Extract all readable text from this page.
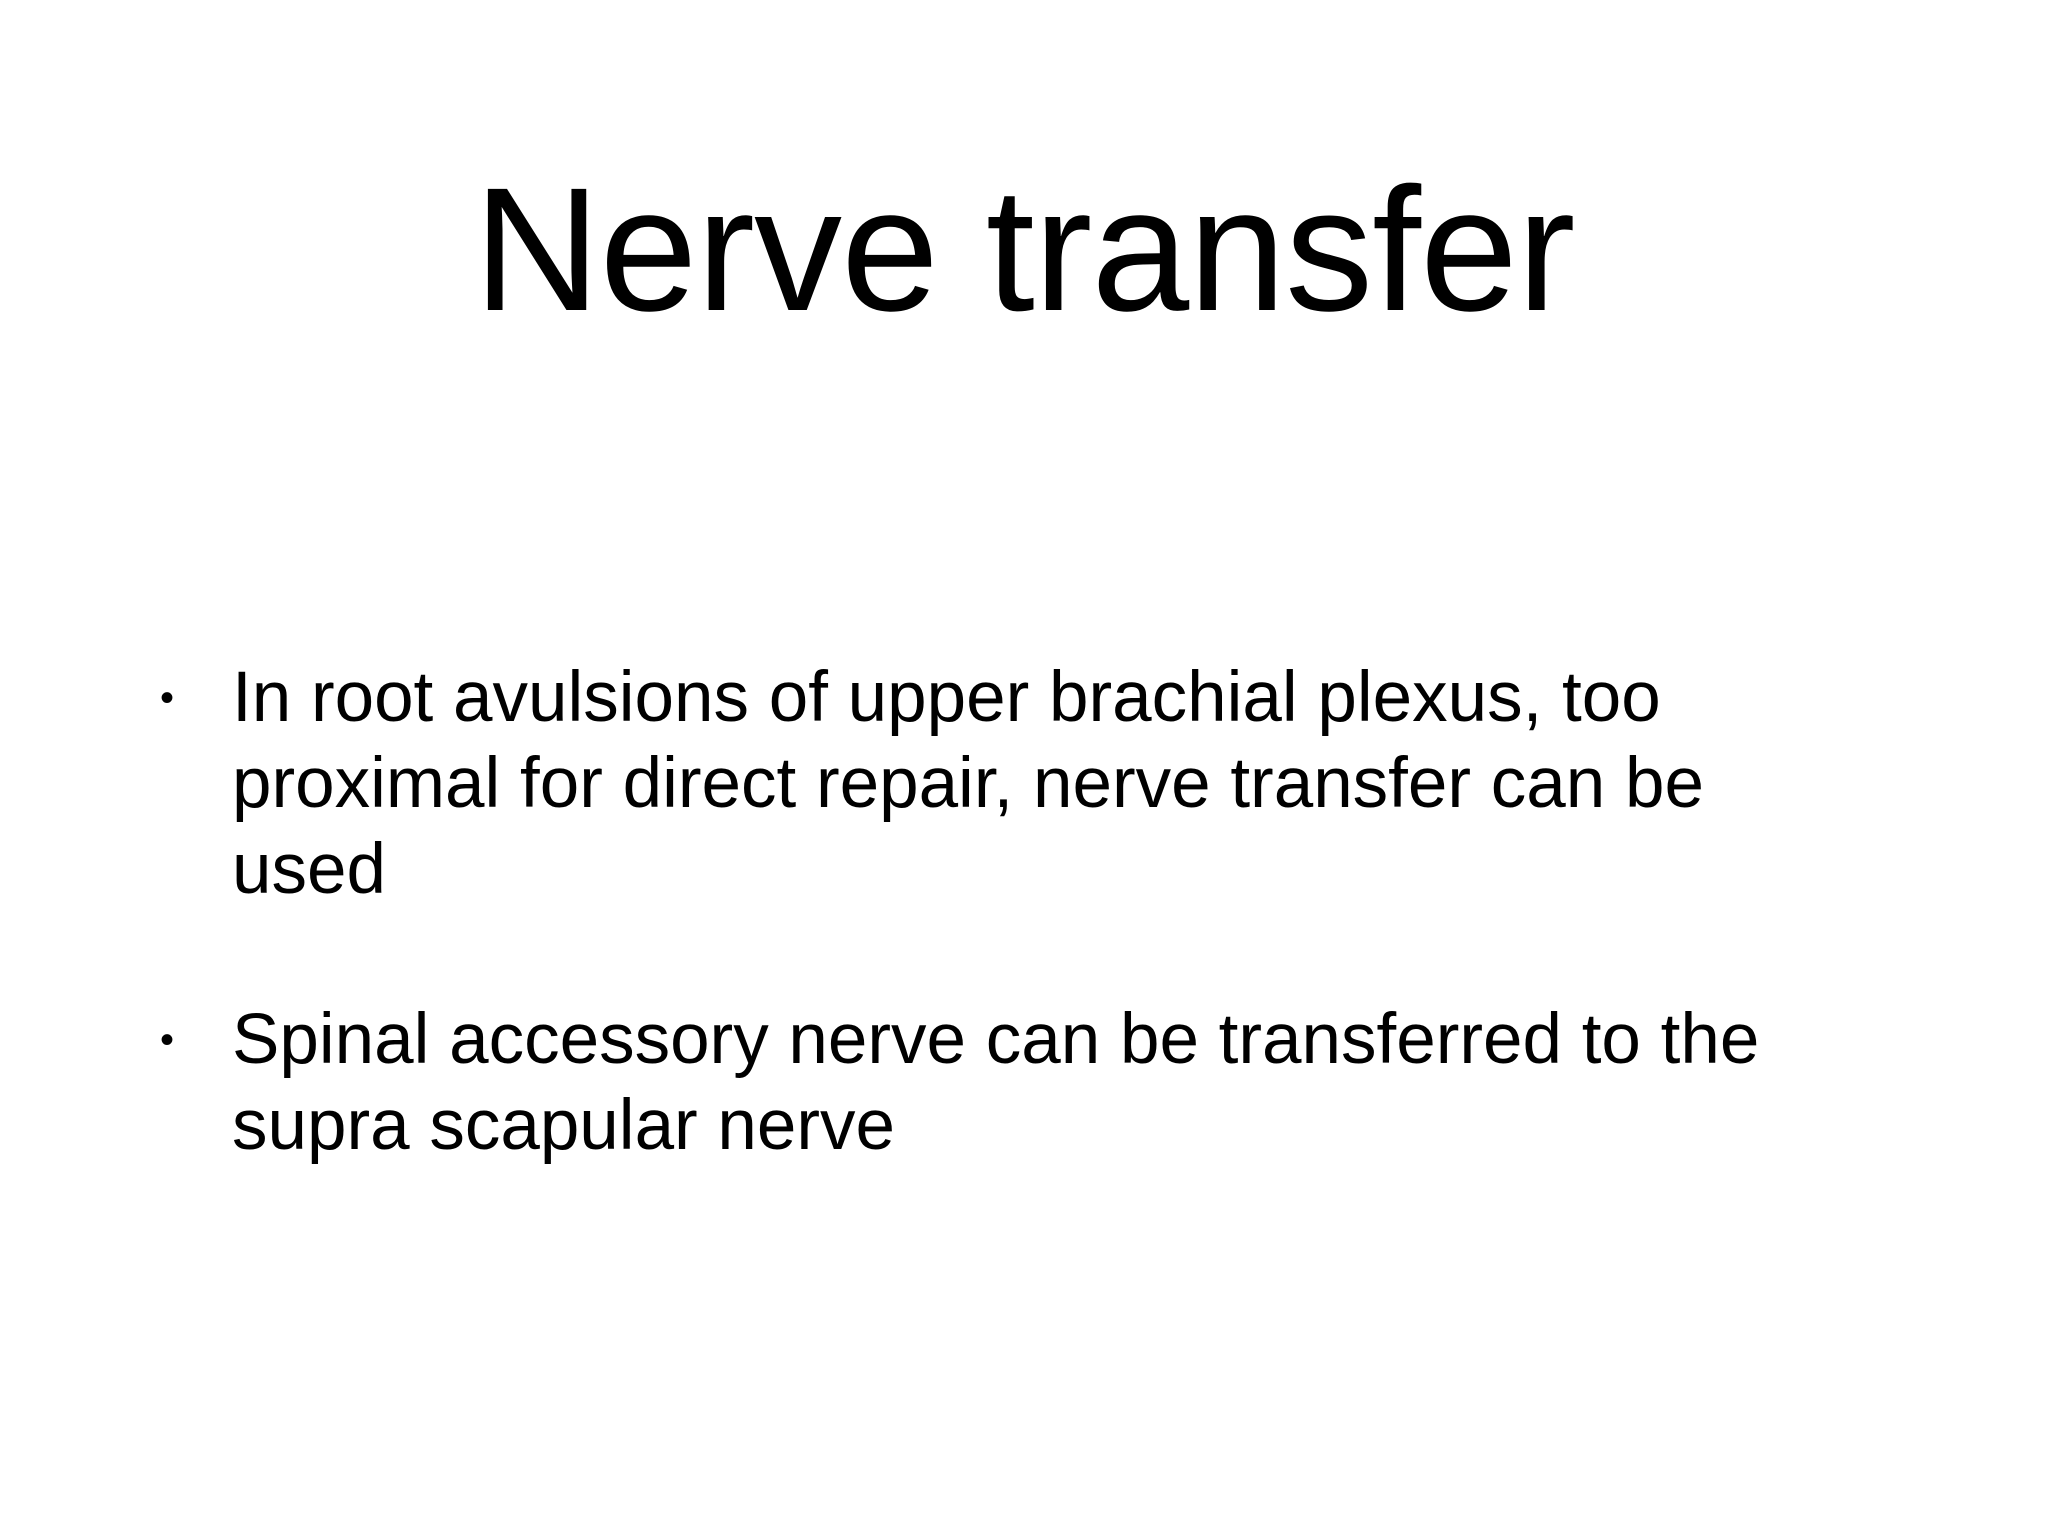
Nerve transfer
• In root avulsions of upper brachial plexus, too proximal for direct repair, nerve transfer can be used
• Spinal accessory nerve can be transferred to the supra scapular nerve
